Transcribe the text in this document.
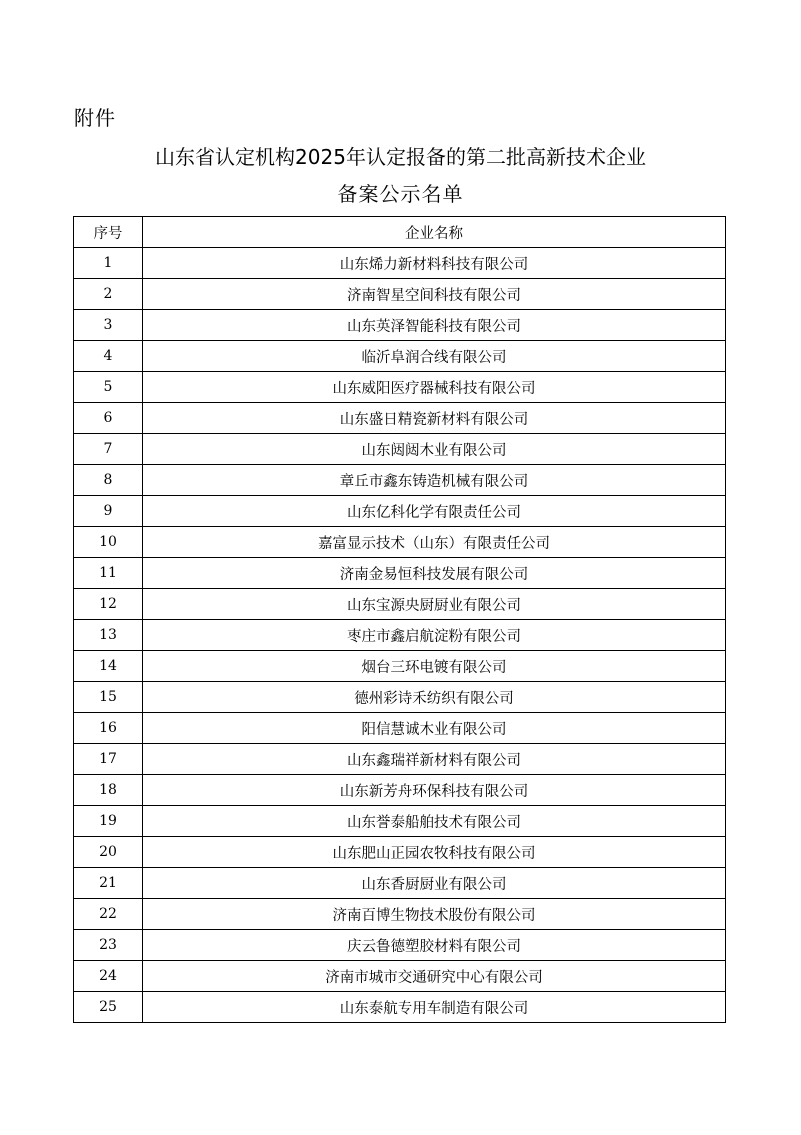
附件
山东省认定机构2025年认定报备的第二批高新技术企业
备案公示名单
序号	企业名称
1	山东烯力新材料科技有限公司
2	济南智星空间科技有限公司
3	山东英泽智能科技有限公司
4	临沂阜润合线有限公司
5	山东威阳医疗器械科技有限公司
6	山东盛日精瓷新材料有限公司
7	山东闼闼木业有限公司
8	章丘市鑫东铸造机械有限公司
9	山东亿科化学有限责任公司
10	嘉富显示技术（山东）有限责任公司
11	济南金易恒科技发展有限公司
12	山东宝源央厨厨业有限公司
13	枣庄市鑫启航淀粉有限公司
14	烟台三环电镀有限公司
15	德州彩诗禾纺织有限公司
16	阳信慧诚木业有限公司
17	山东鑫瑞祥新材料有限公司
18	山东新芳舟环保科技有限公司
19	山东誉泰船舶技术有限公司
20	山东肥山正园农牧科技有限公司
21	山东香厨厨业有限公司
22	济南百博生物技术股份有限公司
23	庆云鲁德塑胶材料有限公司
24	济南市城市交通研究中心有限公司
25	山东泰航专用车制造有限公司
